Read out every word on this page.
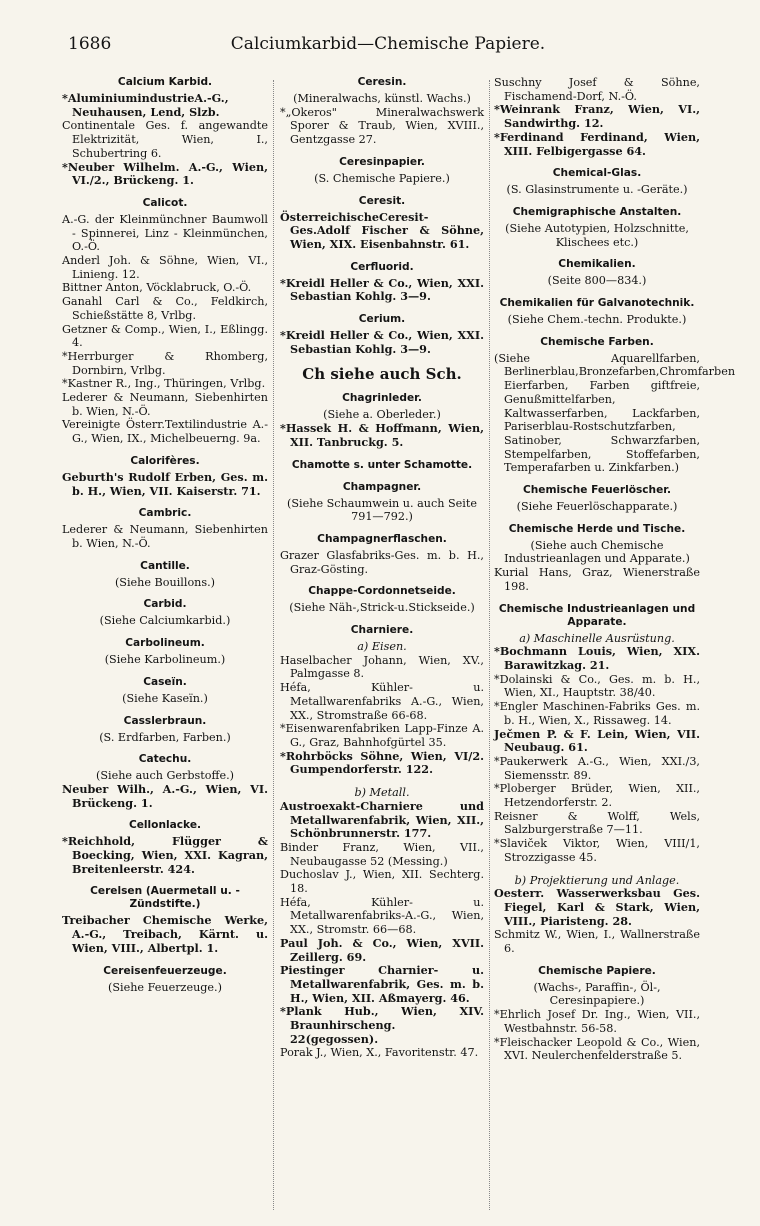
1686	Calciumkarbid—Chemische Papiere.
Calcium Karbid.
*AluminiumindustrieA.-G., Neuhausen, Lend, Slzb.
Continentale Ges. f. angewandte Elektrizität, Wien, I., Schubertring 6.
*Neuber Wilhelm. A.-G., Wien, VI./2., Brückeng. 1.
Calicot.
A.-G. der Kleinmünchner Baumwoll - Spinnerei, Linz - Kleinmünchen, O.-Ö.
Anderl Joh. & Söhne, Wien, VI., Linieng. 12.
Bittner Anton, Vöcklabruck, O.-Ö.
Ganahl Carl & Co., Feldkirch, Schießstätte 8, Vrlbg.
Getzner & Comp., Wien, I., Eßlingg. 4.
*Herrburger & Rhomberg, Dornbirn, Vrlbg.
*Kastner R., Ing., Thüringen, Vrlbg.
Lederer & Neumann, Siebenhirten b. Wien, N.-Ö.
Vereinigte Österr.Textilindustrie A.-G., Wien, IX., Michelbeuerng. 9a.
Calorifères.
Geburth's Rudolf Erben, Ges. m. b. H., Wien, VII. Kaiserstr. 71.
Cambric.
Lederer & Neumann, Siebenhirten b. Wien, N.-Ö.
Cantille.
(Siehe Bouillons.)
Carbid.
(Siehe Calciumkarbid.)
Carbolineum.
(Siehe Karbolineum.)
Caseïn.
(Siehe Kaseïn.)
Casslerbraun.
(S. Erdfarben, Farben.)
Catechu.
(Siehe auch Gerbstoffe.)
Neuber Wilh., A.-G., Wien, VI. Brückeng. 1.
Cellonlacke.
*Reichhold, Flügger & Boecking, Wien, XXI. Kagran, Breitenleerstr. 424.
Cerelsen (Auermetall u. -Zündstifte.)
Treibacher Chemische Werke, A.-G., Treibach, Kärnt. u. Wien, VIII., Albertpl. 1.
Cereisenfeuerzeuge.
(Siehe Feuerzeuge.)
Ceresin.
(Mineralwachs, künstl. Wachs.)
*„Okeros" Mineralwachswerk Sporer & Traub, Wien, XVIII., Gentzgasse 27.
Ceresinpapier.
(S. Chemische Papiere.)
Ceresit.
ÖsterreichischeCeresit-Ges.Adolf Fischer & Söhne, Wien, XIX. Eisenbahnstr. 61.
Cerfluorid.
*Kreidl Heller & Co., Wien, XXI. Sebastian Kohlg. 3—9.
Cerium.
*Kreidl Heller & Co., Wien, XXI. Sebastian Kohlg. 3—9.
Ch siehe auch Sch.
Chagrinleder.
(Siehe a. Oberleder.)
*Hassek H. & Hoffmann, Wien, XII. Tanbruckg. 5.
Chamotte s. unter Schamotte.
Champagner.
(Siehe Schaumwein u. auch Seite 791—792.)
Champagnerflaschen.
Grazer Glasfabriks-Ges. m. b. H., Graz-Gösting.
Chappe-Cordonnetseide.
(Siehe Näh-,Strick-u.Stickseide.)
Charniere.
a) Eisen.
Haselbacher Johann, Wien, XV., Palmgasse 8.
Héfa, Kühler- u. Metallwarenfabriks A.-G., Wien, XX., Stromstraße 66-68.
*Eisenwarenfabriken Lapp-Finze A. G., Graz, Bahnhofgürtel 35.
*Rohrböcks Söhne, Wien, VI/2. Gumpendorferstr. 122.
b) Metall.
Austroexakt-Charniere und Metallwarenfabrik, Wien, XII., Schönbrunnerstr. 177.
Binder Franz, Wien, VII., Neubaugasse 52 (Messing.)
Duchoslav J., Wien, XII. Sechterg. 18.
Héfa, Kühler- u. Metallwarenfabriks-A.-G., Wien, XX., Stromstr. 66—68.
Paul Joh. & Co., Wien, XVII. Zeillerg. 69.
Piestinger Charnier- u. Metallwarenfabrik, Ges. m. b. H., Wien, XII. Aßmayerg. 46.
*Plank Hub., Wien, XIV. Braunhirscheng. 22(gegossen).
Porak J., Wien, X., Favoritenstr. 47.
Suschny Josef & Söhne, Fischamend-Dorf, N.-Ö.
*Weinrank Franz, Wien, VI., Sandwirthg. 12.
*Ferdinand Ferdinand, Wien, XIII. Felbigergasse 64.
Chemical-Glas.
(S. Glasinstrumente u. -Geräte.)
Chemigraphische Anstalten.
(Siehe Autotypien, Holzschnitte, Klischees etc.)
Chemikalien.
(Seite 800—834.)
Chemikalien für Galvanotechnik.
(Siehe Chem.-techn. Produkte.)
Chemische Farben.
(Siehe Aquarellfarben, Berlinerblau,Bronzefarben,Chromfarben Eierfarben, Farben giftfreie, Genußmittelfarben, Kaltwasserfarben, Lackfarben, Pariserblau-Rostschutzfarben, Satinober, Schwarzfarben, Stempelfarben, Stoffefarben, Temperafarben u. Zinkfarben.)
Chemische Feuerlöscher.
(Siehe Feuerlöschapparate.)
Chemische Herde und Tische.
(Siehe auch Chemische Industrieanlagen und Apparate.)
Kurial Hans, Graz, Wienerstraße 198.
Chemische Industrieanlagen und Apparate.
a) Maschinelle Ausrüstung.
*Bochmann Louis, Wien, XIX. Barawitzkag. 21.
*Dolainski & Co., Ges. m. b. H., Wien, XI., Hauptstr. 38/40.
*Engler Maschinen-Fabriks Ges. m. b. H., Wien, X., Rissaweg. 14.
Ječmen P. & F. Lein, Wien, VII. Neubaug. 61.
*Paukerwerk A.-G., Wien, XXI./3, Siemensstr. 89.
*Ploberger Brüder, Wien, XII., Hetzendorferstr. 2.
Reisner & Wolff, Wels, Salzburgerstraße 7—11.
*Slaviček Viktor, Wien, VIII/1, Strozzigasse 45.
b) Projektierung und Anlage.
Oesterr. Wasserwerksbau Ges. Fiegel, Karl & Stark, Wien, VIII., Piaristeng. 28.
Schmitz W., Wien, I., Wallnerstraße 6.
Chemische Papiere.
(Wachs-, Paraffin-, Öl-, Ceresinpapiere.)
*Ehrlich Josef Dr. Ing., Wien, VII., Westbahnstr. 56-58.
*Fleischacker Leopold & Co., Wien, XVI. Neulerchenfelderstraße 5.
